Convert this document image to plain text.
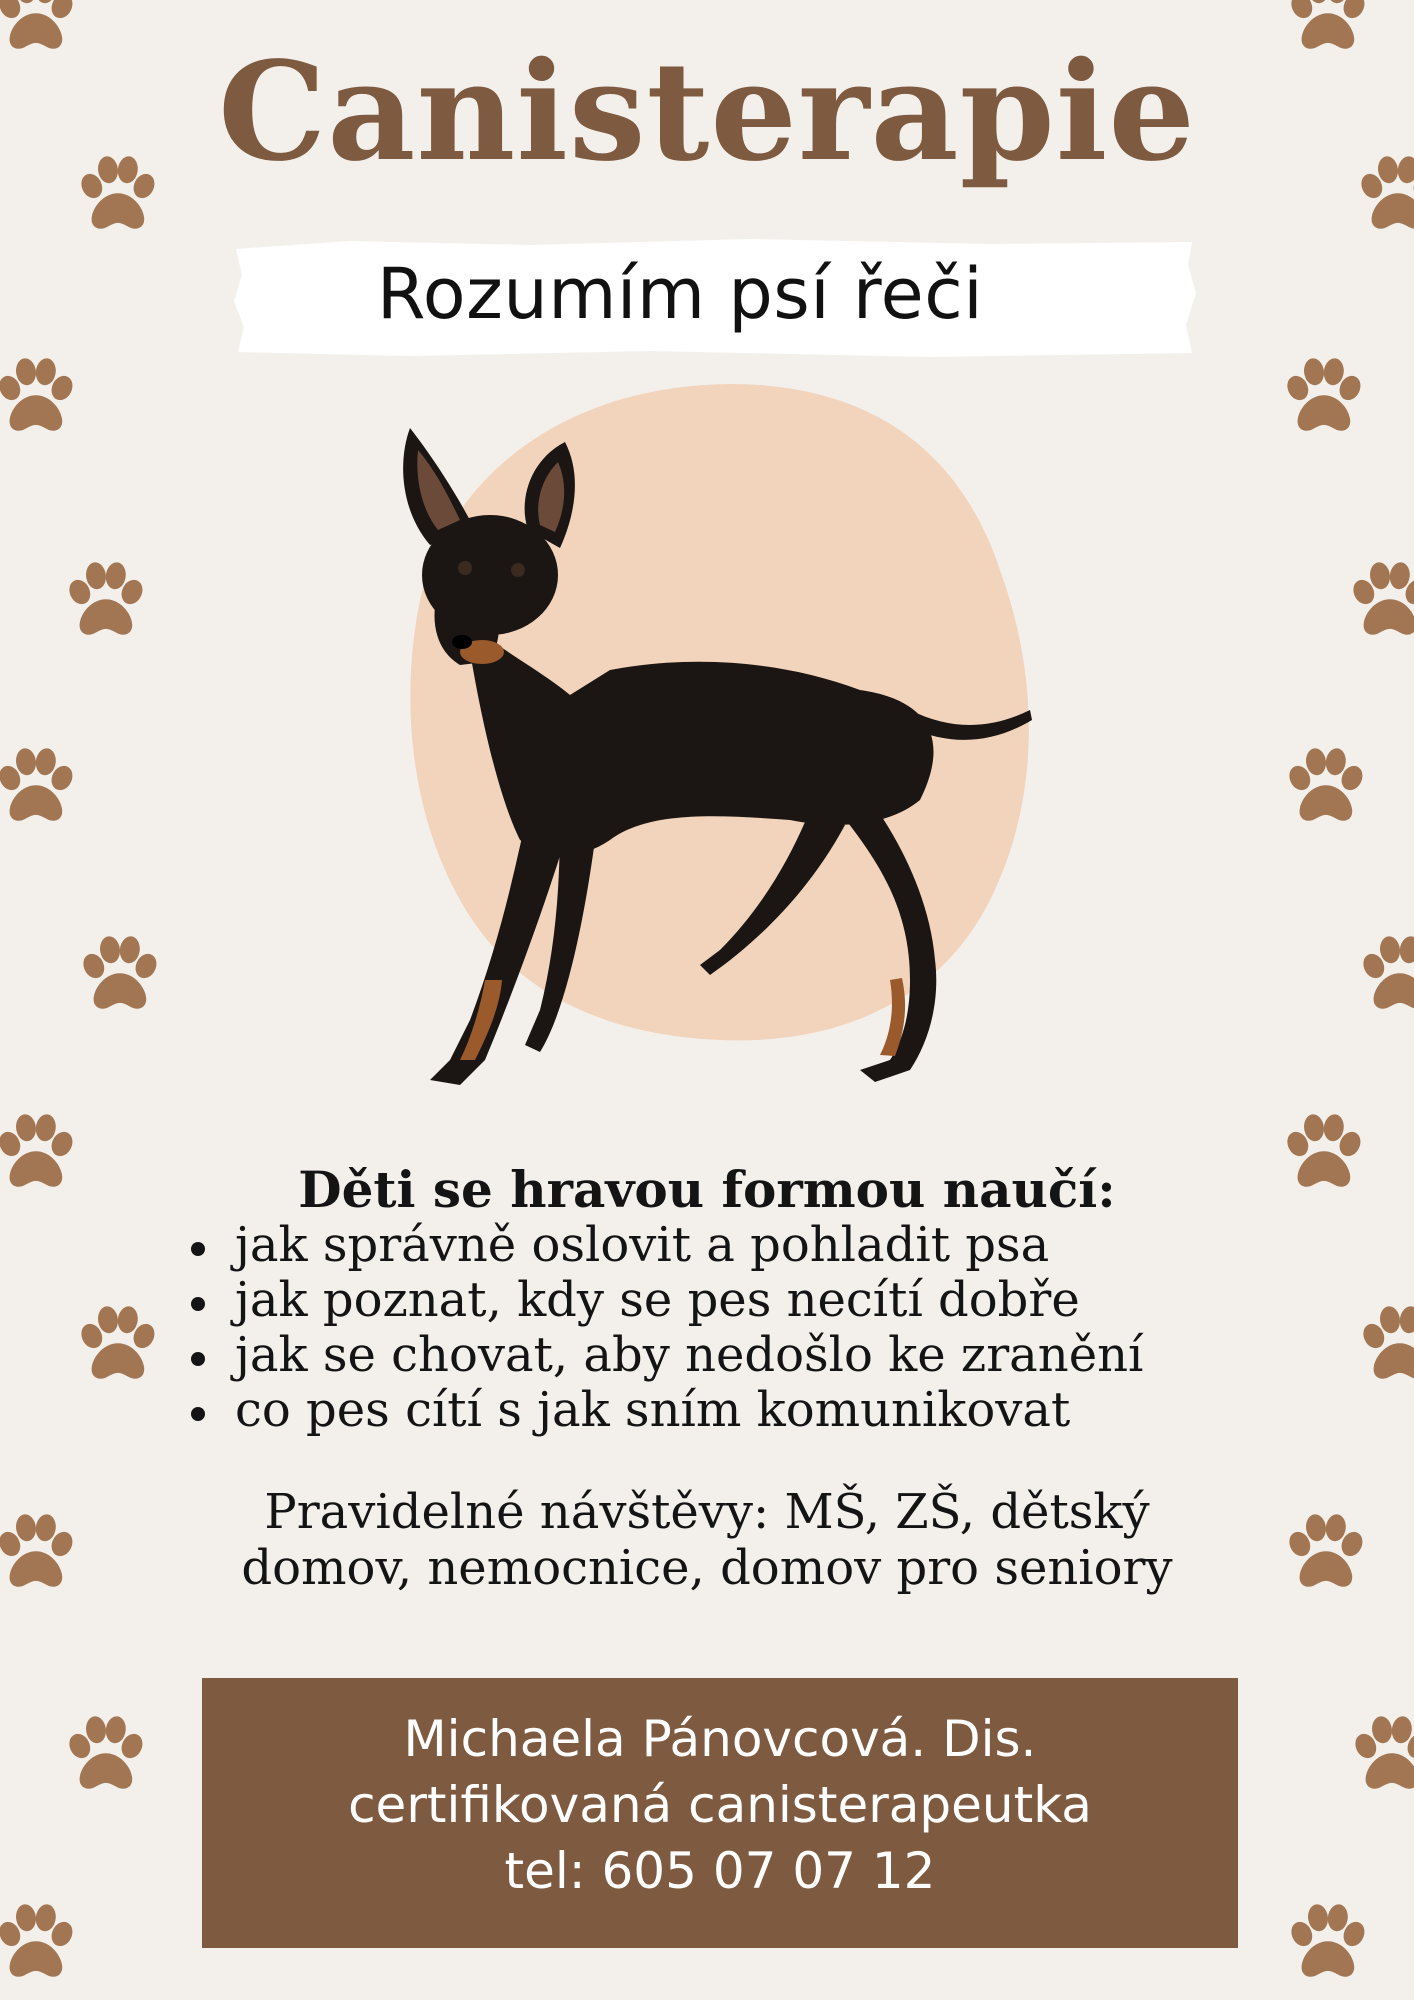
Canisterapie
Rozumím psí řeči
Děti se hravou formou naučí:
jak správně oslovit a pohladit psa
jak poznat, kdy se pes necítí dobře
jak se chovat, aby nedošlo ke zranění
co pes cítí s jak sním komunikovat
Pravidelné návštěvy: MŠ, ZŠ, dětský
domov, nemocnice, domov pro seniory
Michaela Pánovcová. Dis.
certifikovaná canisterapeutka
tel: 605 07 07 12
